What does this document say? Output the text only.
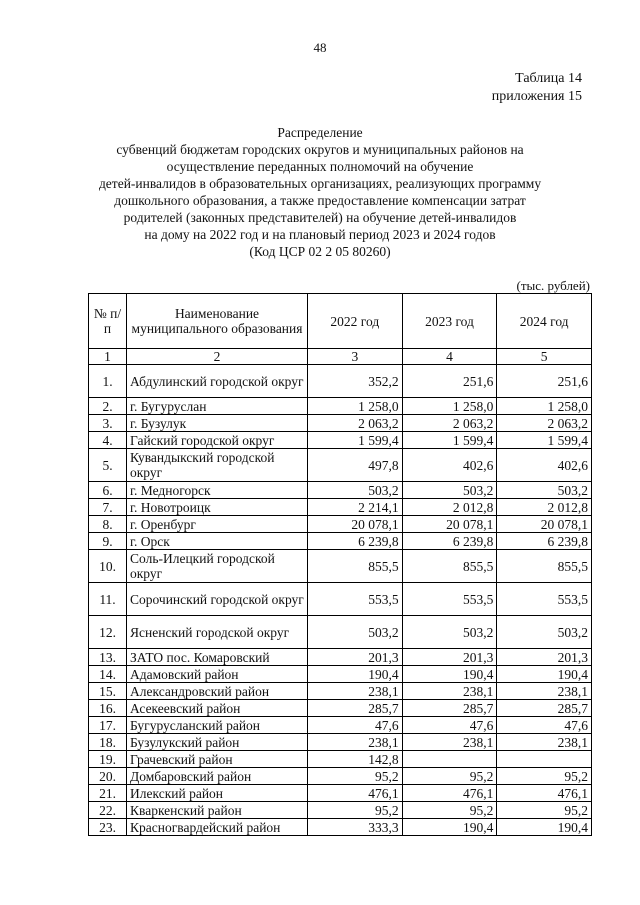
48
Таблица 14
приложения 15
Распределение
субвенций бюджетам городских округов и муниципальных районов на
осуществление переданных полномочий на обучение
детей-инвалидов в образовательных организациях, реализующих программу
дошкольного образования, а также предоставление компенсации затрат
родителей (законных представителей) на обучение детей-инвалидов
на дому на 2022 год и на плановый период 2023 и 2024 годов
(Код ЦСР 02 2 05 80260)
(тыс. рублей)
№ п/п	Наименование муниципального образования	2022 год	2023 год	2024 год
1	2	3	4	5
1.	Абдулинский городской округ	352,2	251,6	251,6
2.	г. Бугуруслан	1 258,0	1 258,0	1 258,0
3.	г. Бузулук	2 063,2	2 063,2	2 063,2
4.	Гайский городской округ	1 599,4	1 599,4	1 599,4
5.	Кувандыкский городской округ	497,8	402,6	402,6
6.	г. Медногорск	503,2	503,2	503,2
7.	г. Новотроицк	2 214,1	2 012,8	2 012,8
8.	г. Оренбург	20 078,1	20 078,1	20 078,1
9.	г. Орск	6 239,8	6 239,8	6 239,8
10.	Соль-Илецкий городской округ	855,5	855,5	855,5
11.	Сорочинский городской округ	553,5	553,5	553,5
12.	Ясненский городской округ	503,2	503,2	503,2
13.	ЗАТО пос. Комаровский	201,3	201,3	201,3
14.	Адамовский район	190,4	190,4	190,4
15.	Александровский район	238,1	238,1	238,1
16.	Асекеевский район	285,7	285,7	285,7
17.	Бугурусланский район	47,6	47,6	47,6
18.	Бузулукский район	238,1	238,1	238,1
19.	Грачевский район	142,8		
20.	Домбаровский район	95,2	95,2	95,2
21.	Илекский район	476,1	476,1	476,1
22.	Кваркенский район	95,2	95,2	95,2
23.	Красногвардейский район	333,3	190,4	190,4
